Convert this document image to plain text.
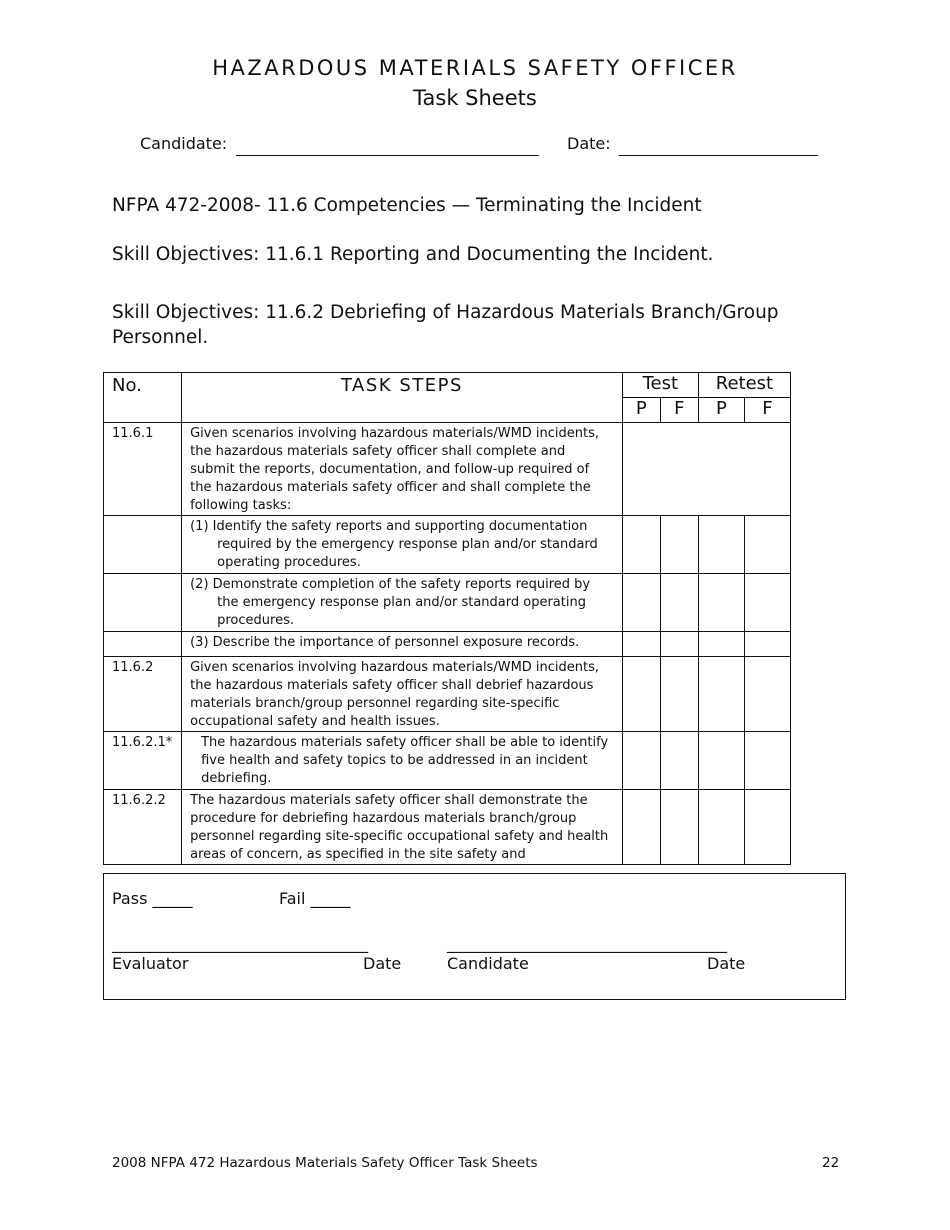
HAZARDOUS MATERIALS SAFETY OFFICER
Task Sheets
Candidate:	Date:
NFPA 472-2008- 11.6 Competencies — Terminating the Incident
Skill Objectives: 11.6.1 Reporting and Documenting the Incident.
Skill Objectives: 11.6.2 Debriefing of Hazardous Materials Branch/Group Personnel.
No.	TASK STEPS	Test		Retest	
		P	F	P	F
11.6.1	Given scenarios involving hazardous materials/WMD incidents, the hazardous materials safety officer shall complete and submit the reports, documentation, and follow-up required of the hazardous materials safety officer and shall complete the following tasks:				

	(1) Identify the safety reports and supporting documentation required by the emergency response plan and/or standard operating procedures.				

	(2) Demonstrate completion of the safety reports required by the emergency response plan and/or standard operating procedures.				

	(3) Describe the importance of personnel exposure records.				

11.6.2	Given scenarios involving hazardous materials/WMD incidents, the hazardous materials safety officer shall debrief hazardous materials branch/group personnel regarding site-specific occupational safety and health issues.				
11.6.2.1*	The hazardous materials safety officer shall be able to identify five health and safety topics to be addressed in an incident debriefing.				

11.6.2.2	The hazardous materials safety officer shall demonstrate the procedure for debriefing hazardous materials branch/group personnel regarding site-specific occupational safety and health areas of concern, as specified in the site safety and				
Pass _____	Fail _____
________________________________	___________________________________
Evaluator	Date	Candidate	Date
2008 NFPA 472 Hazardous Materials Safety Officer Task Sheets	22
